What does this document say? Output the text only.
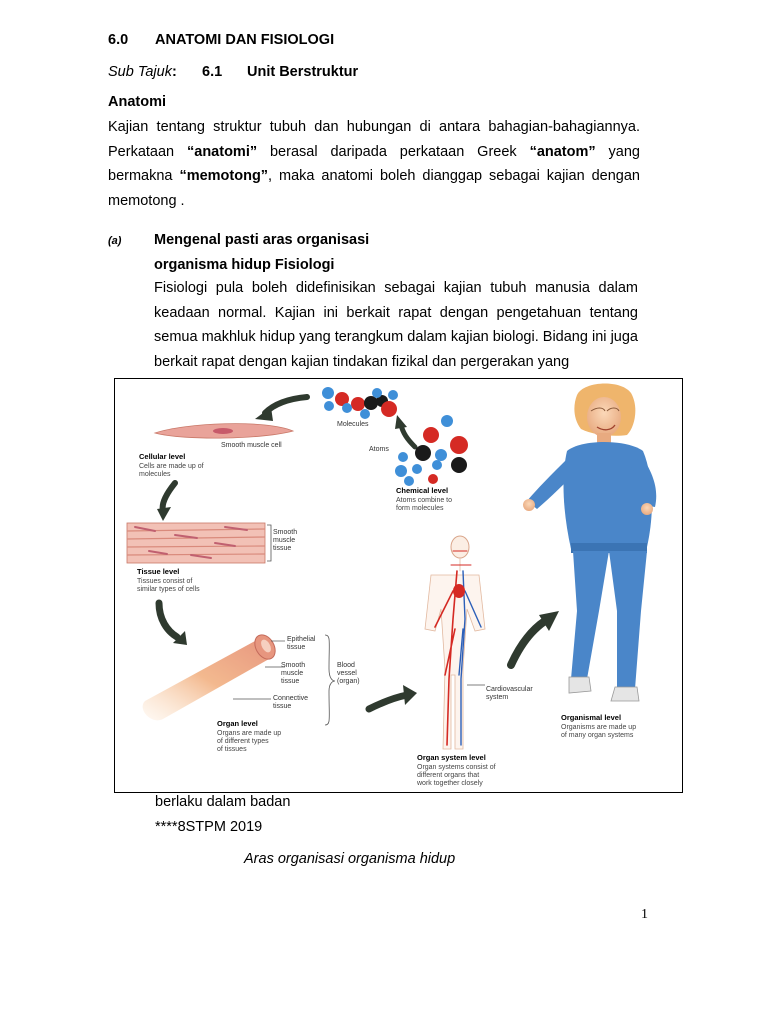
6.0 ANATOMI DAN FISIOLOGI
Sub Tajuk: 6.1 Unit Berstruktur
Anatomi
Kajian tentang struktur tubuh dan hubungan di antara bahagian-bahagiannya. Perkataan “anatomi” berasal daripada perkataan Greek “anatom” yang bermakna “memotong”, maka anatomi boleh dianggap sebagai kajian dengan memotong .
(a) Mengenal pasti aras organisasi
organisma hidup Fisiologi
Fisiologi pula boleh didefinisikan sebagai kajian tubuh manusia dalam keadaan normal. Kajian ini berkait rapat dengan pengetahuan tentang semua makhluk hidup yang terangkum dalam kajian biologi. Bidang ini juga berkait rapat dengan kajian tindakan fizikal dan pergerakan yang
Molecules
Atoms
Chemical level
Atoms combine to
form molecules
Smooth muscle cell
Cellular level
Cells are made up of
molecules
Smooth
muscle
tissue
Tissue level
Tissues consist of
similar types of cells
Epithelial
tissue
Smooth
muscle
tissue
Connective
tissue
Blood
vessel
(organ)
Organ level
Organs are made up
of different types
of tissues
Cardiovascular
system
Organ system level
Organ systems consist of
different organs that
work together closely
Organismal level
Organisms are made up
of many organ systems
berlaku dalam badan
****8STPM 2019
Aras organisasi organisma hidup
1
